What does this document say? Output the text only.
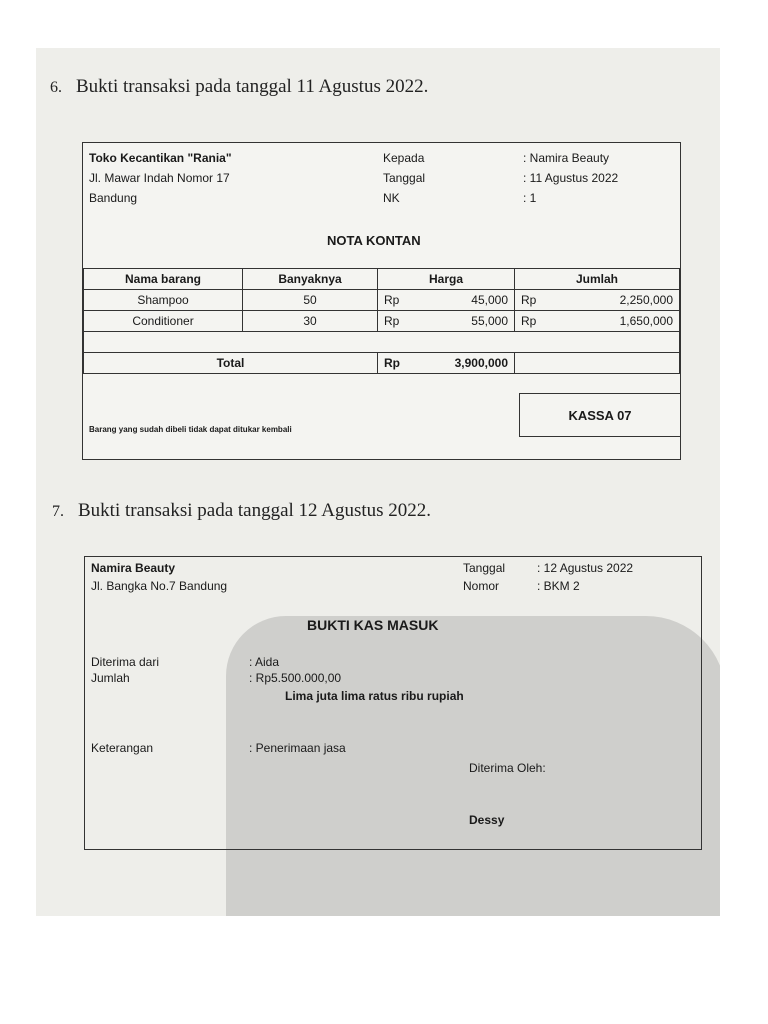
6. Bukti transaksi pada tanggal 11 Agustus 2022.
Toko Kecantikan "Rania"
Jl. Mawar Indah Nomor 17
Bandung
Kepada	: Namira Beauty
Tanggal	: 11 Agustus 2022
NK	: 1
NOTA KONTAN
Nama barang	Banyaknya	Harga	Jumlah
Shampoo	50	Rp 45,000	Rp 2,250,000
Conditioner	30	Rp 55,000	Rp 1,650,000

Total		Rp 3,900,000	
Barang yang sudah dibeli tidak dapat ditukar kembali
KASSA 07
7. Bukti transaksi pada tanggal 12 Agustus 2022.
Namira Beauty
Jl. Bangka No.7 Bandung
Tanggal	: 12 Agustus 2022
Nomor	: BKM 2
BUKTI KAS MASUK
Diterima dari	: Aida
Jumlah	: Rp5.500.000,00
Lima juta lima ratus ribu rupiah
Keterangan	: Penerimaan jasa
Diterima Oleh:
Dessy
